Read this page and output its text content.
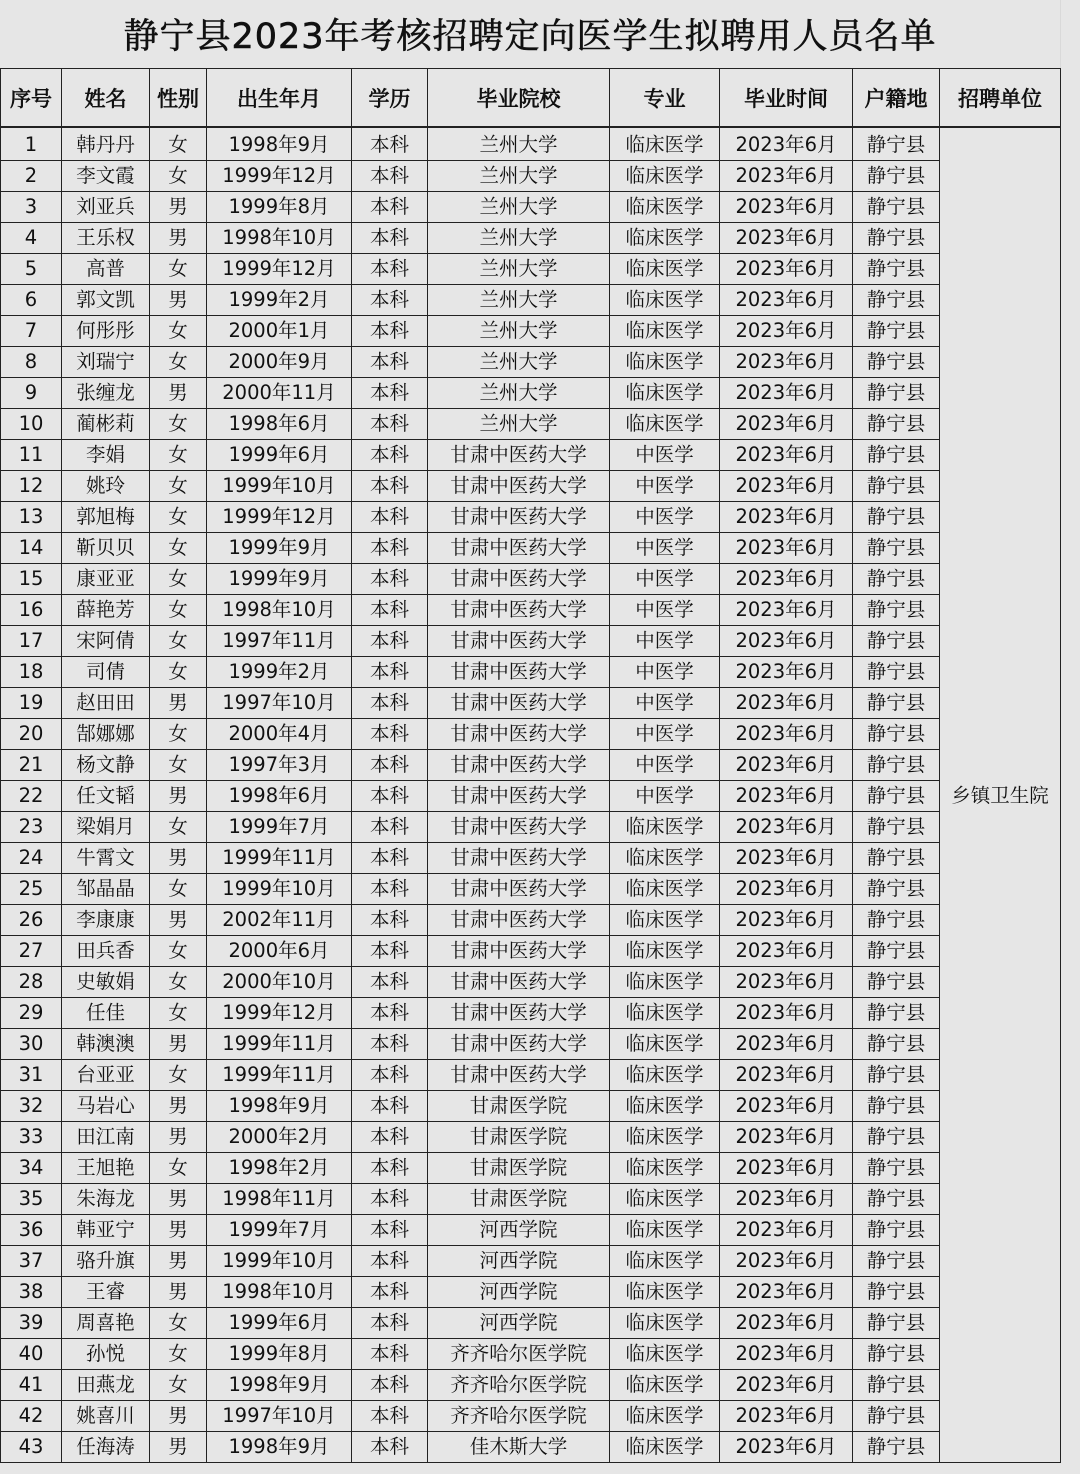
静宁县2023年考核招聘定向医学生拟聘用人员名单
序号	姓名	性别	出生年月	学历	毕业院校	专业	毕业时间	户籍地	招聘单位
1	韩丹丹	女	1998年9月	本科	兰州大学	临床医学	2023年6月	静宁县	乡镇卫生院
2	李文霞	女	1999年12月	本科	兰州大学	临床医学	2023年6月	静宁县	
3	刘亚兵	男	1999年8月	本科	兰州大学	临床医学	2023年6月	静宁县	
4	王乐权	男	1998年10月	本科	兰州大学	临床医学	2023年6月	静宁县	
5	高普	女	1999年12月	本科	兰州大学	临床医学	2023年6月	静宁县	
6	郭文凯	男	1999年2月	本科	兰州大学	临床医学	2023年6月	静宁县	
7	何彤彤	女	2000年1月	本科	兰州大学	临床医学	2023年6月	静宁县	
8	刘瑞宁	女	2000年9月	本科	兰州大学	临床医学	2023年6月	静宁县	
9	张缠龙	男	2000年11月	本科	兰州大学	临床医学	2023年6月	静宁县	
10	蔺彬莉	女	1998年6月	本科	兰州大学	临床医学	2023年6月	静宁县	
11	李娟	女	1999年6月	本科	甘肃中医药大学	中医学	2023年6月	静宁县	
12	姚玲	女	1999年10月	本科	甘肃中医药大学	中医学	2023年6月	静宁县	
13	郭旭梅	女	1999年12月	本科	甘肃中医药大学	中医学	2023年6月	静宁县	
14	靳贝贝	女	1999年9月	本科	甘肃中医药大学	中医学	2023年6月	静宁县	
15	康亚亚	女	1999年9月	本科	甘肃中医药大学	中医学	2023年6月	静宁县	
16	薛艳芳	女	1998年10月	本科	甘肃中医药大学	中医学	2023年6月	静宁县	
17	宋阿倩	女	1997年11月	本科	甘肃中医药大学	中医学	2023年6月	静宁县	
18	司倩	女	1999年2月	本科	甘肃中医药大学	中医学	2023年6月	静宁县	
19	赵田田	男	1997年10月	本科	甘肃中医药大学	中医学	2023年6月	静宁县	
20	郜娜娜	女	2000年4月	本科	甘肃中医药大学	中医学	2023年6月	静宁县	
21	杨文静	女	1997年3月	本科	甘肃中医药大学	中医学	2023年6月	静宁县	
22	任文韬	男	1998年6月	本科	甘肃中医药大学	中医学	2023年6月	静宁县	
23	梁娟月	女	1999年7月	本科	甘肃中医药大学	临床医学	2023年6月	静宁县	
24	牛霄文	男	1999年11月	本科	甘肃中医药大学	临床医学	2023年6月	静宁县	
25	邹晶晶	女	1999年10月	本科	甘肃中医药大学	临床医学	2023年6月	静宁县	
26	李康康	男	2002年11月	本科	甘肃中医药大学	临床医学	2023年6月	静宁县	
27	田兵香	女	2000年6月	本科	甘肃中医药大学	临床医学	2023年6月	静宁县	
28	史敏娟	女	2000年10月	本科	甘肃中医药大学	临床医学	2023年6月	静宁县	
29	任佳	女	1999年12月	本科	甘肃中医药大学	临床医学	2023年6月	静宁县	
30	韩澳澳	男	1999年11月	本科	甘肃中医药大学	临床医学	2023年6月	静宁县	
31	台亚亚	女	1999年11月	本科	甘肃中医药大学	临床医学	2023年6月	静宁县	
32	马岩心	男	1998年9月	本科	甘肃医学院	临床医学	2023年6月	静宁县	
33	田江南	男	2000年2月	本科	甘肃医学院	临床医学	2023年6月	静宁县	
34	王旭艳	女	1998年2月	本科	甘肃医学院	临床医学	2023年6月	静宁县	
35	朱海龙	男	1998年11月	本科	甘肃医学院	临床医学	2023年6月	静宁县	
36	韩亚宁	男	1999年7月	本科	河西学院	临床医学	2023年6月	静宁县	
37	骆升旗	男	1999年10月	本科	河西学院	临床医学	2023年6月	静宁县	
38	王睿	男	1998年10月	本科	河西学院	临床医学	2023年6月	静宁县	
39	周喜艳	女	1999年6月	本科	河西学院	临床医学	2023年6月	静宁县	
40	孙悦	女	1999年8月	本科	齐齐哈尔医学院	临床医学	2023年6月	静宁县	
41	田燕龙	女	1998年9月	本科	齐齐哈尔医学院	临床医学	2023年6月	静宁县	
42	姚喜川	男	1997年10月	本科	齐齐哈尔医学院	临床医学	2023年6月	静宁县	
43	任海涛	男	1998年9月	本科	佳木斯大学	临床医学	2023年6月	静宁县	
